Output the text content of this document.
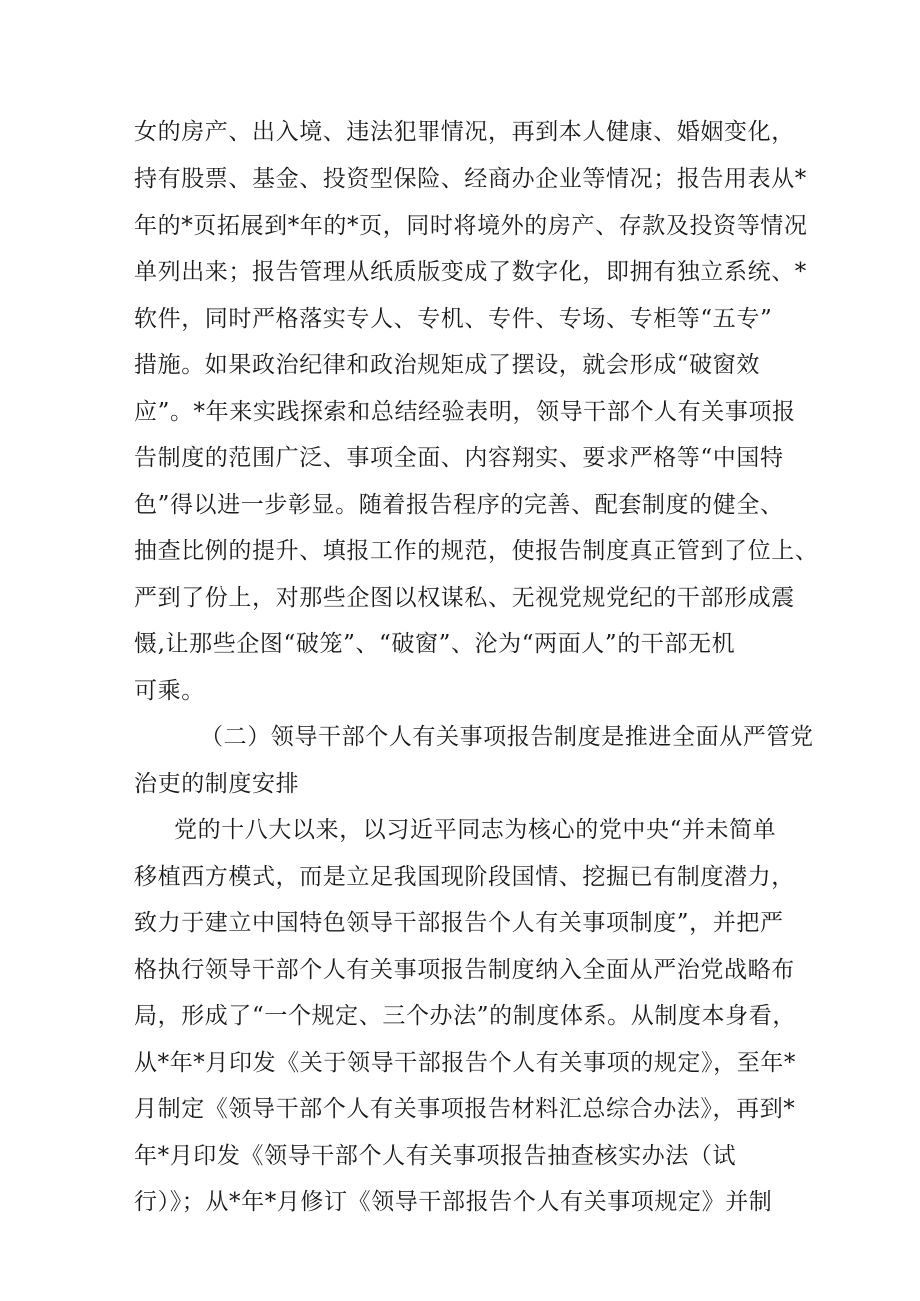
女的房产、出入境、违法犯罪情况，再到本人健康、婚姻变化，
持有股票、基金、投资型保险、经商办企业等情况；报告用表从*
年的*页拓展到*年的*页，同时将境外的房产、存款及投资等情况
单列出来；报告管理从纸质版变成了数字化，即拥有独立系统、*
软件，同时严格落实专人、专机、专件、专场、专柜等“五专”
措施。如果政治纪律和政治规矩成了摆设，就会形成“破窗效
应”。*年来实践探索和总结经验表明，领导干部个人有关事项报
告制度的范围广泛、事项全面、内容翔实、要求严格等“中国特
色”得以进一步彰显。随着报告程序的完善、配套制度的健全、
抽查比例的提升、填报工作的规范，使报告制度真正管到了位上、
严到了份上，对那些企图以权谋私、无视党规党纪的干部形成震
慑,让那些企图“破笼”、“破窗”、沦为“两面人”的干部无机
可乘。
（二）领导干部个人有关事项报告制度是推进全面从严管党
治吏的制度安排
党的十八大以来，以习近平同志为核心的党中央“并未简单
移植西方模式，而是立足我国现阶段国情、挖掘已有制度潜力，
致力于建立中国特色领导干部报告个人有关事项制度”，并把严
格执行领导干部个人有关事项报告制度纳入全面从严治党战略布
局，形成了“一个规定、三个办法”的制度体系。从制度本身看，
从*年*月印发《关于领导干部报告个人有关事项的规定》，至年*
月制定《领导干部个人有关事项报告材料汇总综合办法》，再到*
年*月印发《领导干部个人有关事项报告抽查核实办法（试
行）》；从*年*月修订《领导干部报告个人有关事项规定》并制
